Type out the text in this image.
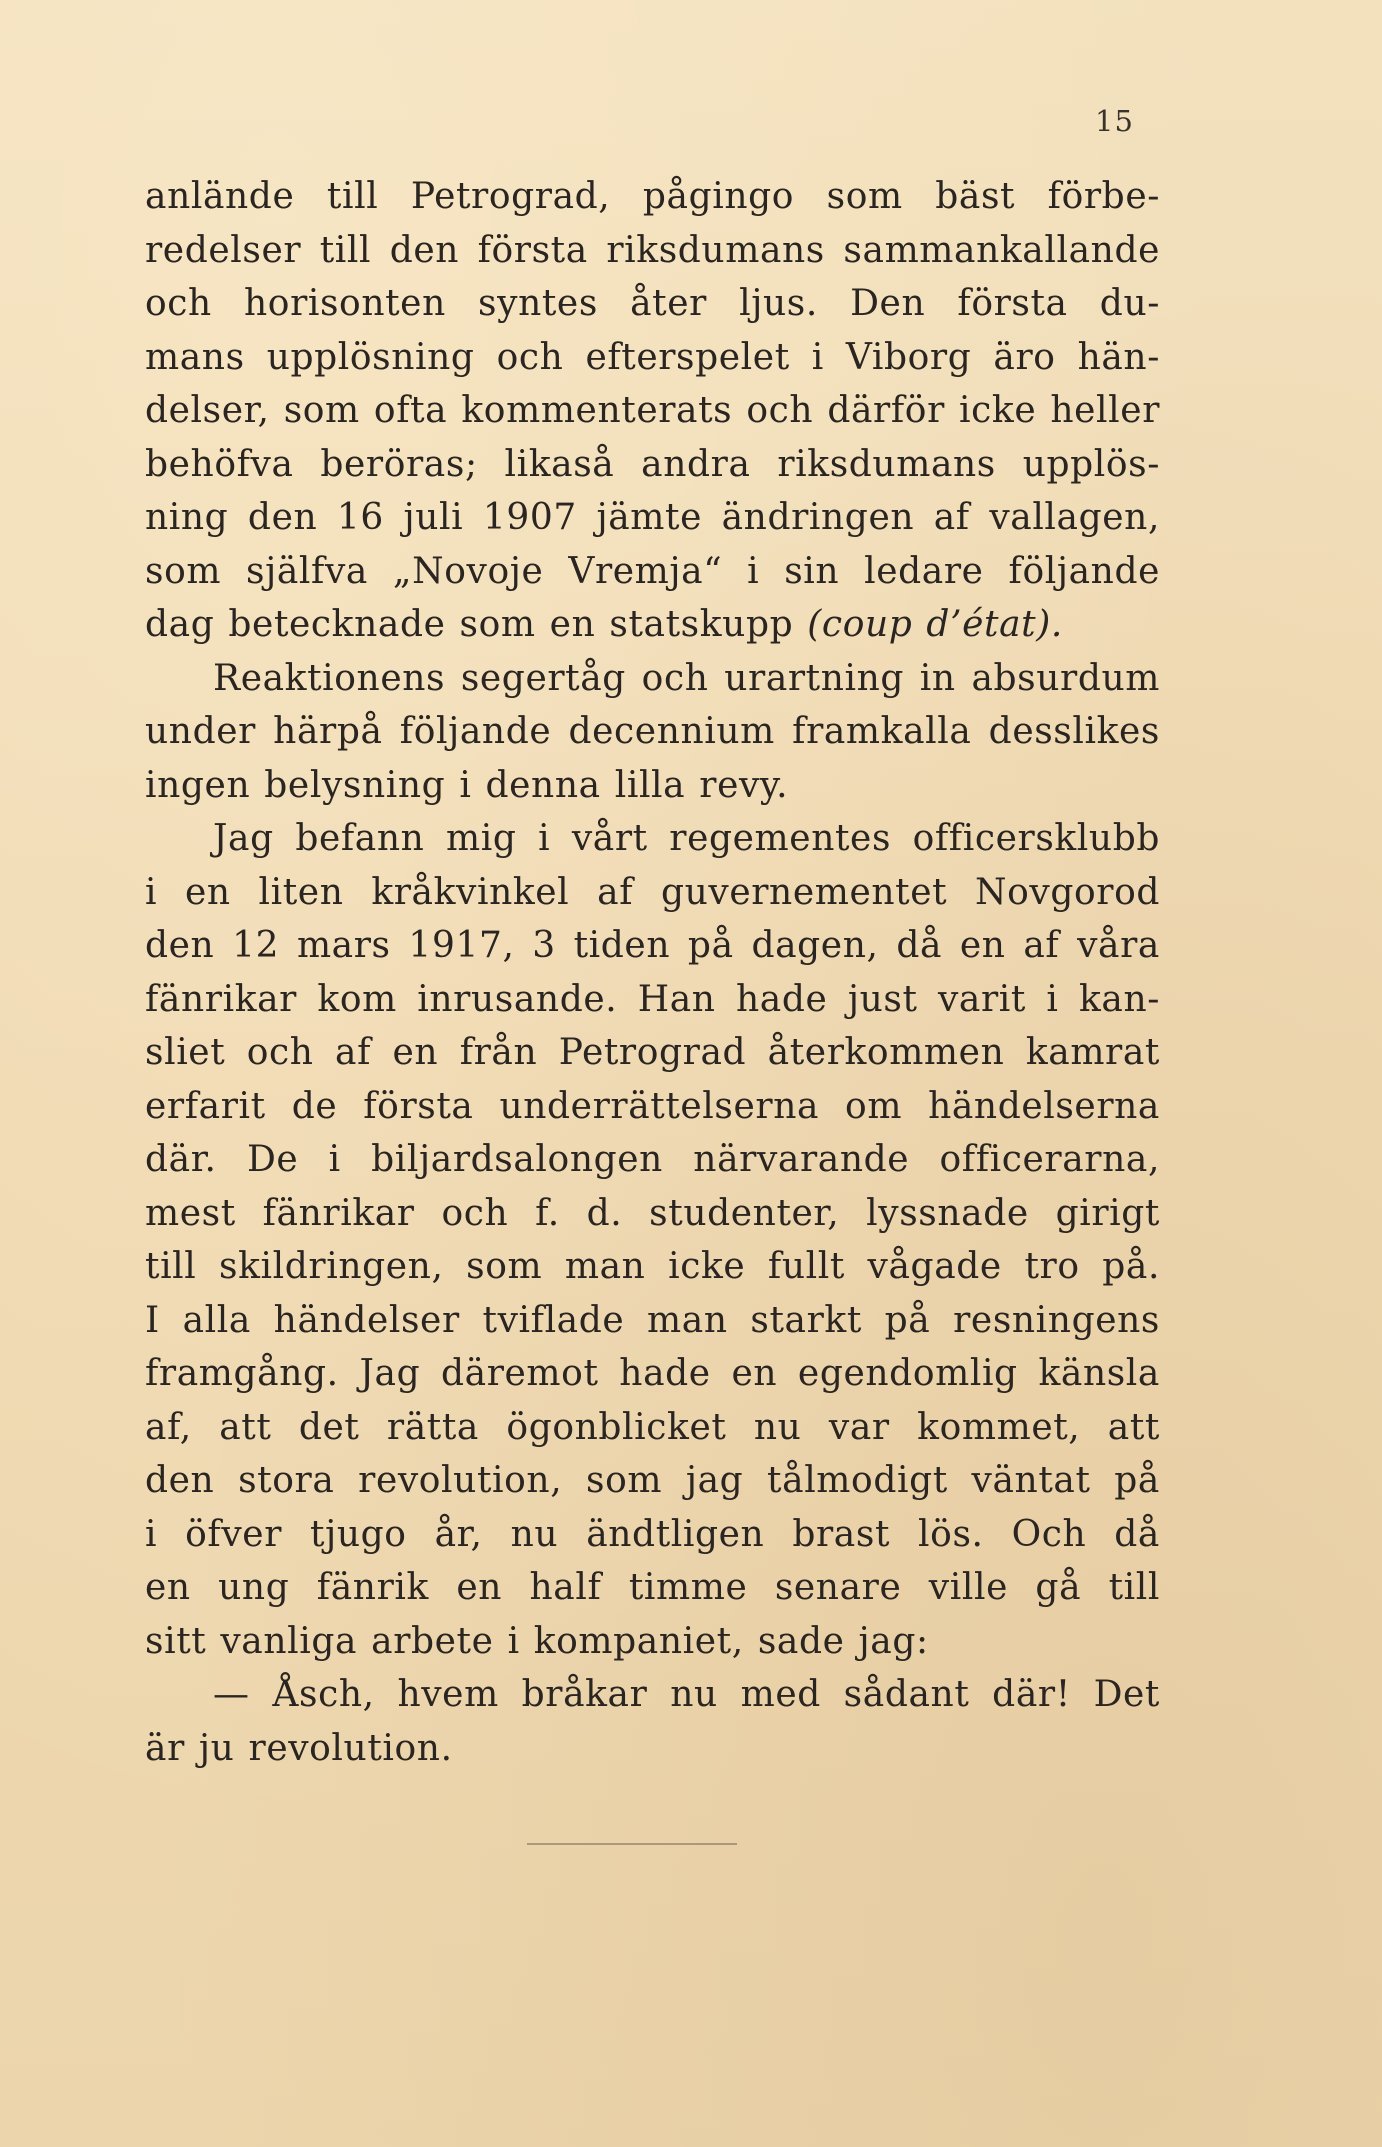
15
anlände till Petrograd, pågingo som bäst förbe-
redelser till den första riksdumans sammankallande
och horisonten syntes åter ljus. Den första du-
mans upplösning och efterspelet i Viborg äro hän-
delser, som ofta kommenterats och därför icke heller
behöfva beröras; likaså andra riksdumans upplös-
ning den 16 juli 1907 jämte ändringen af vallagen,
som själfva „Novoje Vremja“ i sin ledare följande
dag betecknade som en statskupp (coup d’état).
Reaktionens segertåg och urartning in absurdum
under härpå följande decennium framkalla desslikes
ingen belysning i denna lilla revy.
Jag befann mig i vårt regementes officersklubb
i en liten kråkvinkel af guvernementet Novgorod
den 12 mars 1917, 3 tiden på dagen, då en af våra
fänrikar kom inrusande. Han hade just varit i kan-
sliet och af en från Petrograd återkommen kamrat
erfarit de första underrättelserna om händelserna
där. De i biljardsalongen närvarande officerarna,
mest fänrikar och f. d. studenter, lyssnade girigt
till skildringen, som man icke fullt vågade tro på.
I alla händelser tviflade man starkt på resningens
framgång. Jag däremot hade en egendomlig känsla
af, att det rätta ögonblicket nu var kommet, att
den stora revolution, som jag tålmodigt väntat på
i öfver tjugo år, nu ändtligen brast lös. Och då
en ung fänrik en half timme senare ville gå till
sitt vanliga arbete i kompaniet, sade jag:
— Åsch, hvem bråkar nu med sådant där! Det
är ju revolution.
